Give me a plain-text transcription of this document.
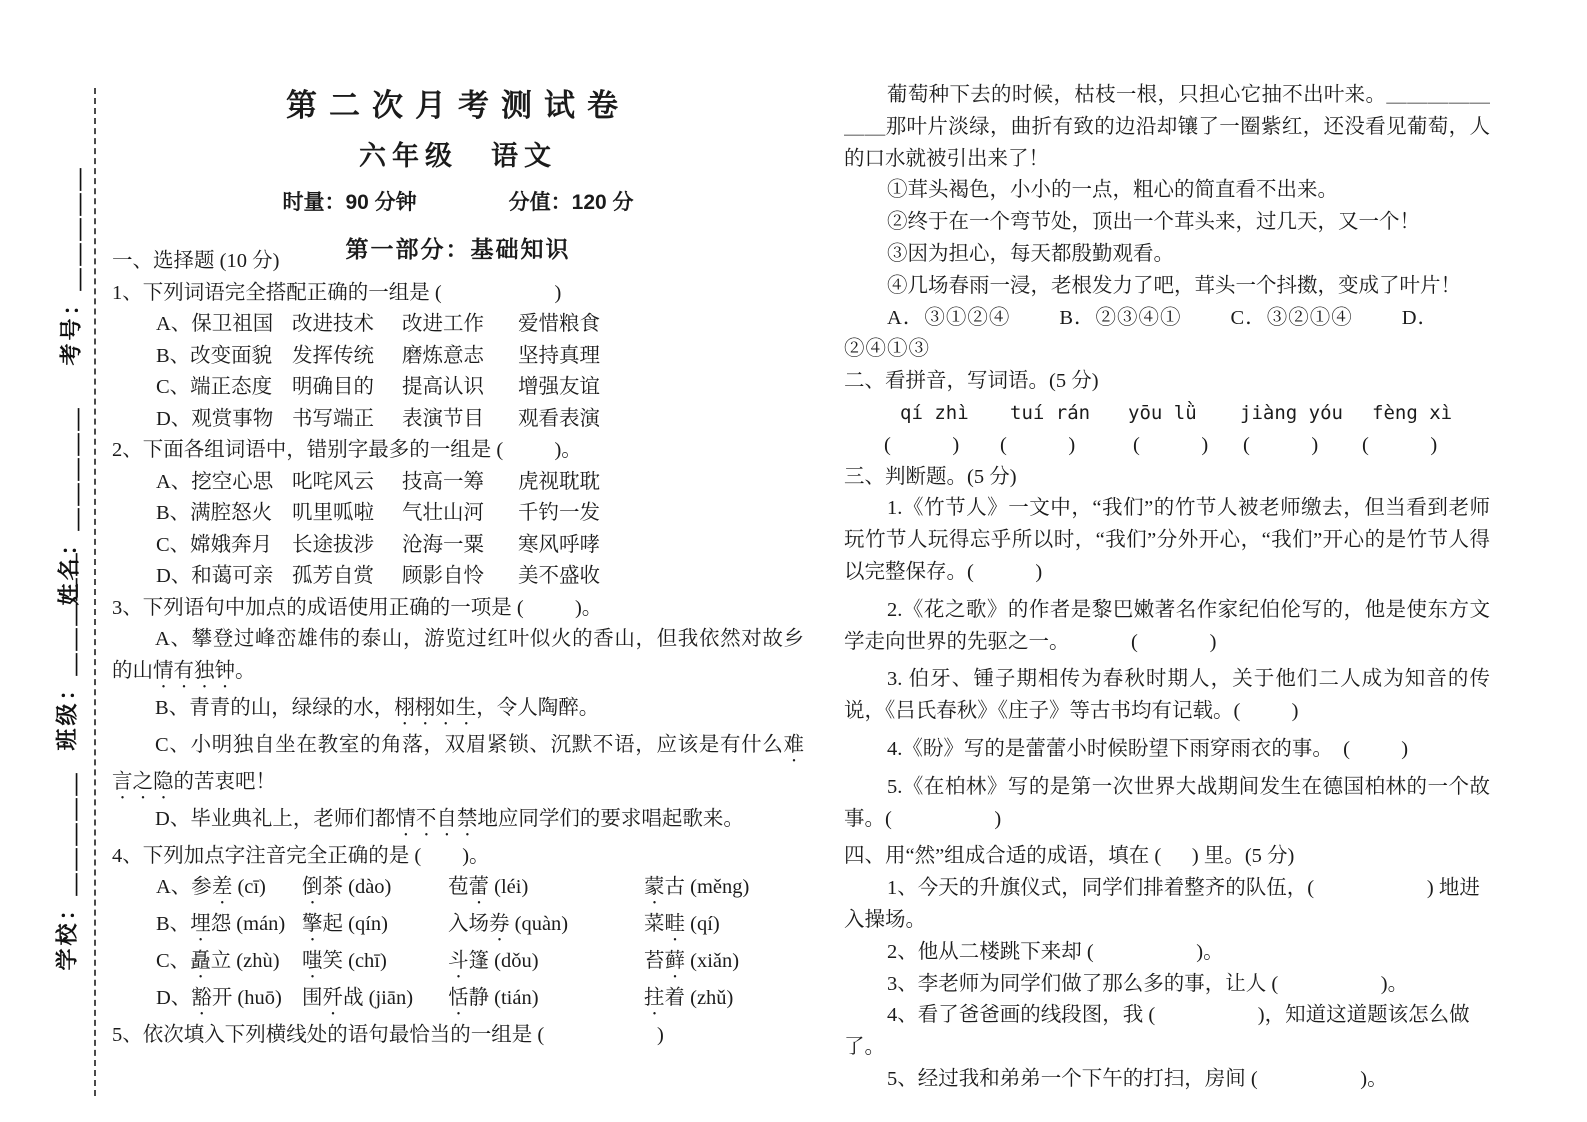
考号：＿＿＿＿＿
姓名：＿＿＿＿＿
班级：＿＿＿＿＿
学校：＿＿＿＿＿
第二次月考测试卷
六年级　语文
时量：90 分钟	分值：120 分
第一部分：基础知识
一、选择题 (10 分)
1、下列词语完全搭配正确的一组是 (                      )
A、保卫祖国 改进技术	改进工作	爱惜粮食
B、改变面貌 发挥传统	磨炼意志	坚持真理
C、端正态度 明确目的	提高认识	增强友谊
D、观赏事物 书写端正	表演节目	观看表演
2、下面各组词语中，错别字最多的一组是 (          )。
A、挖空心思 叱咤风云	技高一筹	虎视耽耽
B、满腔怒火 叽里呱啦	气壮山河	千钓一发
C、嫦娥奔月 长途拔涉	沧海一粟	寒风呼哮
D、和蔼可亲 孤芳自赏	顾影自怜	美不盛收
3、下列语句中加点的成语使用正确的一项是 (          )。
A、攀登过峰峦雄伟的泰山，游览过红叶似火的香山，但我依然对故乡的山情有独钟。
B、青青的山，绿绿的水，栩栩如生，令人陶醉。
C、小明独自坐在教室的角落，双眉紧锁、沉默不语，应该是有什么难言之隐的苦衷吧！
D、毕业典礼上，老师们都情不自禁地应同学们的要求唱起歌来。
4、下列加点字注音完全正确的是 (        )。
A、参差 (cī)	倒茶 (dào)	苞蕾 (léi)	蒙古 (měng)
B、埋怨 (mán) 擎起 (qín)	入场券 (quàn)	菜畦 (qí)
C、矗立 (zhù)	嗤笑 (chī)	斗篷 (dǒu)	苔藓 (xiǎn)
D、豁开 (huō) 围歼战 (jiān)	恬静 (tián)	拄着 (zhǔ)
5、依次填入下列横线处的语句最恰当的一组是 (                      )
葡萄种下去的时候，枯枝一根，只担心它抽不出叶来。＿＿＿＿＿＿＿那叶片淡绿，曲折有致的边沿却镶了一圈紫红，还没看见葡萄，人的口水就被引出来了！
①茸头褐色，小小的一点，粗心的简直看不出来。
②终于在一个弯节处，顶出一个茸头来，过几天，又一个！
③因为担心，每天都殷勤观看。
④几场春雨一浸，老根发力了吧，茸头一个抖擞，变成了叶片！
A．③①②④        B．②③④①        C．③②①④        D．②④①③
二、看拼音，写词语。(5 分)
qí zhì	tuí rán	yōu lǜ	jiàng yóu	fèng xì
(            )	(            )	(            )	(            )	(            )
三、判断题。(5 分)
1.《竹节人》一文中，“我们”的竹节人被老师缴去，但当看到老师玩竹节人玩得忘乎所以时，“我们”分外开心，“我们”开心的是竹节人得以完整保存。(            )
2.《花之歌》的作者是黎巴嫩著名作家纪伯伦写的，他是使东方文学走向世界的先驱之一。            (              )
3. 伯牙、锺子期相传为春秋时期人，关于他们二人成为知音的传说，《吕氏春秋》《庄子》等古书均有记载。(          )
4.《盼》写的是蕾蕾小时候盼望下雨穿雨衣的事。  (          )
5.《在柏林》写的是第一次世界大战期间发生在德国柏林的一个故事。(                    )
四、用“然”组成合适的成语，填在 (      ) 里。(5 分)
1、今天的升旗仪式，同学们排着整齐的队伍，(                      ) 地进入操场。
2、他从二楼跳下来却 (                    )。
3、李老师为同学们做了那么多的事，让人 (                    )。
4、看了爸爸画的线段图，我 (                    )，知道这道题该怎么做了。
5、经过我和弟弟一个下午的打扫，房间 (                    )。
